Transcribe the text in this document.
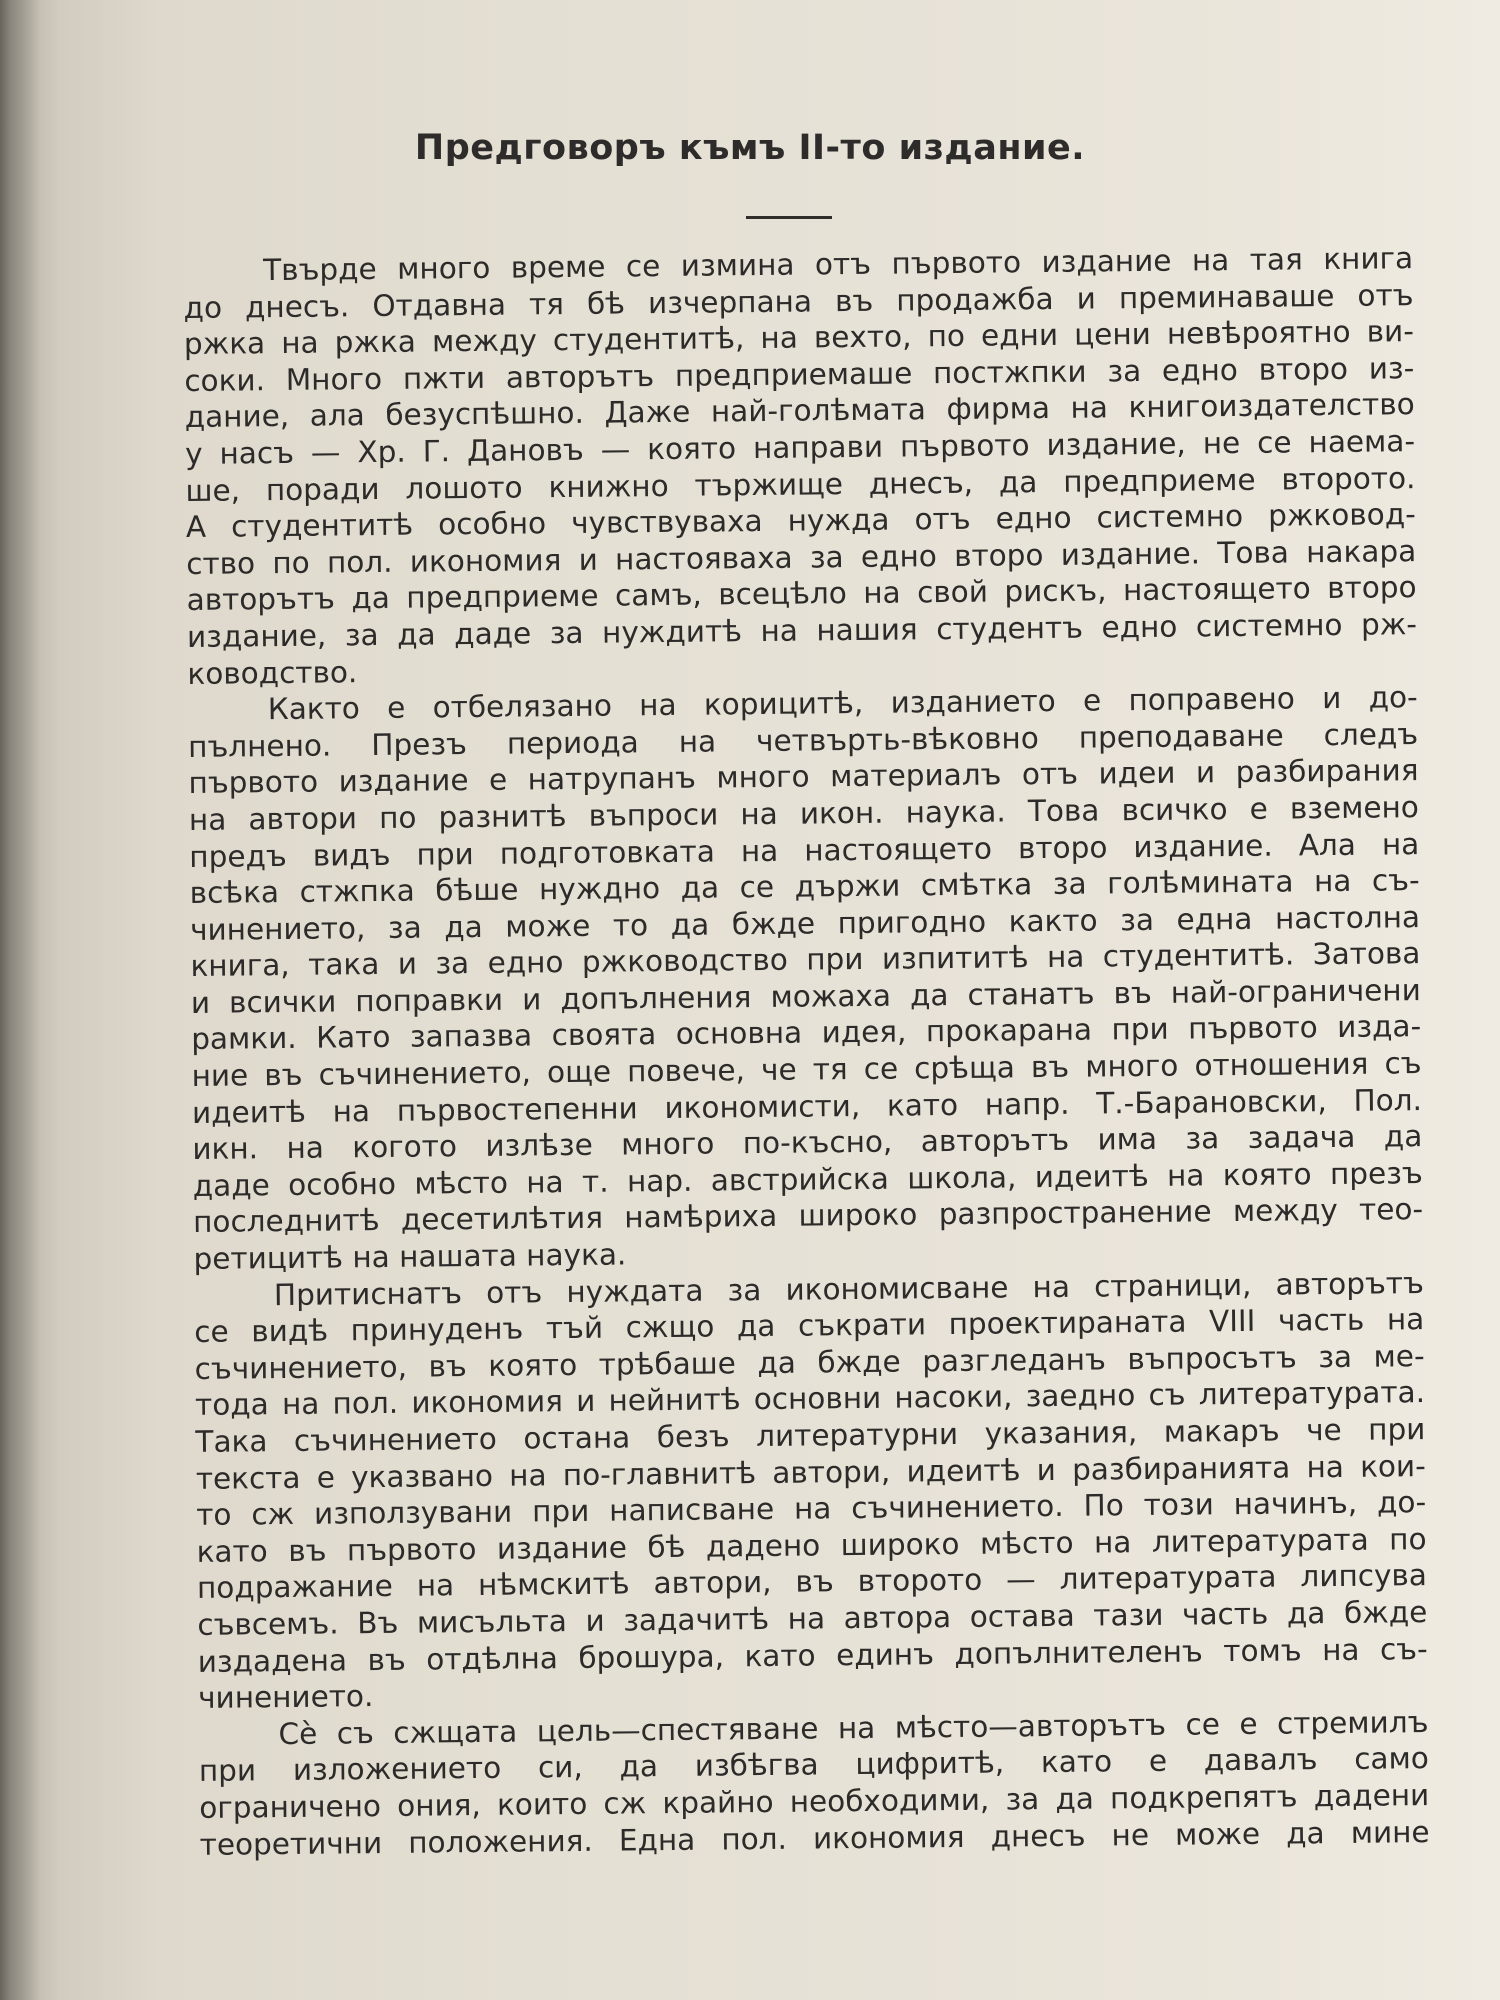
Предговоръ къмъ II-то издание.

Твърде много време се измина отъ първото издание на тая книга
до днесъ. Отдавна тя бѣ изчерпана въ продажба и преминаваше отъ
ржка на ржка между студентитѣ, на вехто, по едни цени невѣроятно ви-
соки. Много пжти авторътъ предприемаше постжпки за едно второ из-
дание, ала безуспѣшно. Даже най-голѣмата фирма на книгоиздателство
у насъ — Хр. Г. Дановъ — която направи първото издание, не се наема-
ше, поради лошото книжно тържище днесъ, да предприеме второто.
А студентитѣ особно чувствуваха нужда отъ едно системно ржковод-
ство по пол. икономия и настояваха за едно второ издание. Това накара
авторътъ да предприеме самъ, всецѣло на свой рискъ, настоящето второ
издание, за да даде за нуждитѣ на нашия студентъ едно системно рж-
ководство.

Както е отбелязано на корицитѣ, изданието е поправено и до-
пълнено. Презъ периода на четвърть-вѣковно преподаване следъ
първото издание е натрупанъ много материалъ отъ идеи и разбирания
на автори по разнитѣ въпроси на икон. наука. Това всичко е вземено
предъ видъ при подготовката на настоящето второ издание. Ала на
всѣка стжпка бѣше нуждно да се държи смѣтка за голѣмината на съ-
чинението, за да може то да бжде пригодно както за една настолна
книга, така и за едно ржководство при изпититѣ на студентитѣ. Затова
и всички поправки и допълнения можаха да станатъ въ най-ограничени
рамки. Като запазва своята основна идея, прокарана при първото изда-
ние въ съчинението, още повече, че тя се срѣща въ много отношения съ
идеитѣ на първостепенни икономисти, като напр. Т.-Барановски, Пол.
икн. на когото излѣзе много по-късно, авторътъ има за задача да
даде особно мѣсто на т. нар. австрийска школа, идеитѣ на която презъ
последнитѣ десетилѣтия намѣриха широко разпространение между тео-
ретицитѣ на нашата наука.

Притиснатъ отъ нуждата за икономисване на страници, авторътъ
се видѣ принуденъ тъй сжщо да съкрати проектираната VIII часть на
съчинението, въ която трѣбаше да бжде разгледанъ въпросътъ за ме-
тода на пол. икономия и нейнитѣ основни насоки, заедно съ литературата.
Така съчинението остана безъ литературни указания, макаръ че при
текста е указвано на по-главнитѣ автори, идеитѣ и разбиранията на кои-
то сж използувани при написване на съчинението. По този начинъ, до-
като въ първото издание бѣ дадено широко мѣсто на литературата по
подражание на нѣмскитѣ автори, въ второто — литературата липсува
съвсемъ. Въ мисъльта и задачитѣ на автора остава тази часть да бжде
издадена въ отдѣлна брошура, като единъ допълнителенъ томъ на съ-
чинението.

Сѐ съ сжщата цель—спестяване на мѣсто—авторътъ се е стремилъ
при изложението си, да избѣгва цифритѣ, като е давалъ само
ограничено ония, които сж крайно необходими, за да подкрепятъ дадени
теоретични положения. Една пол. икономия днесъ не може да мине
